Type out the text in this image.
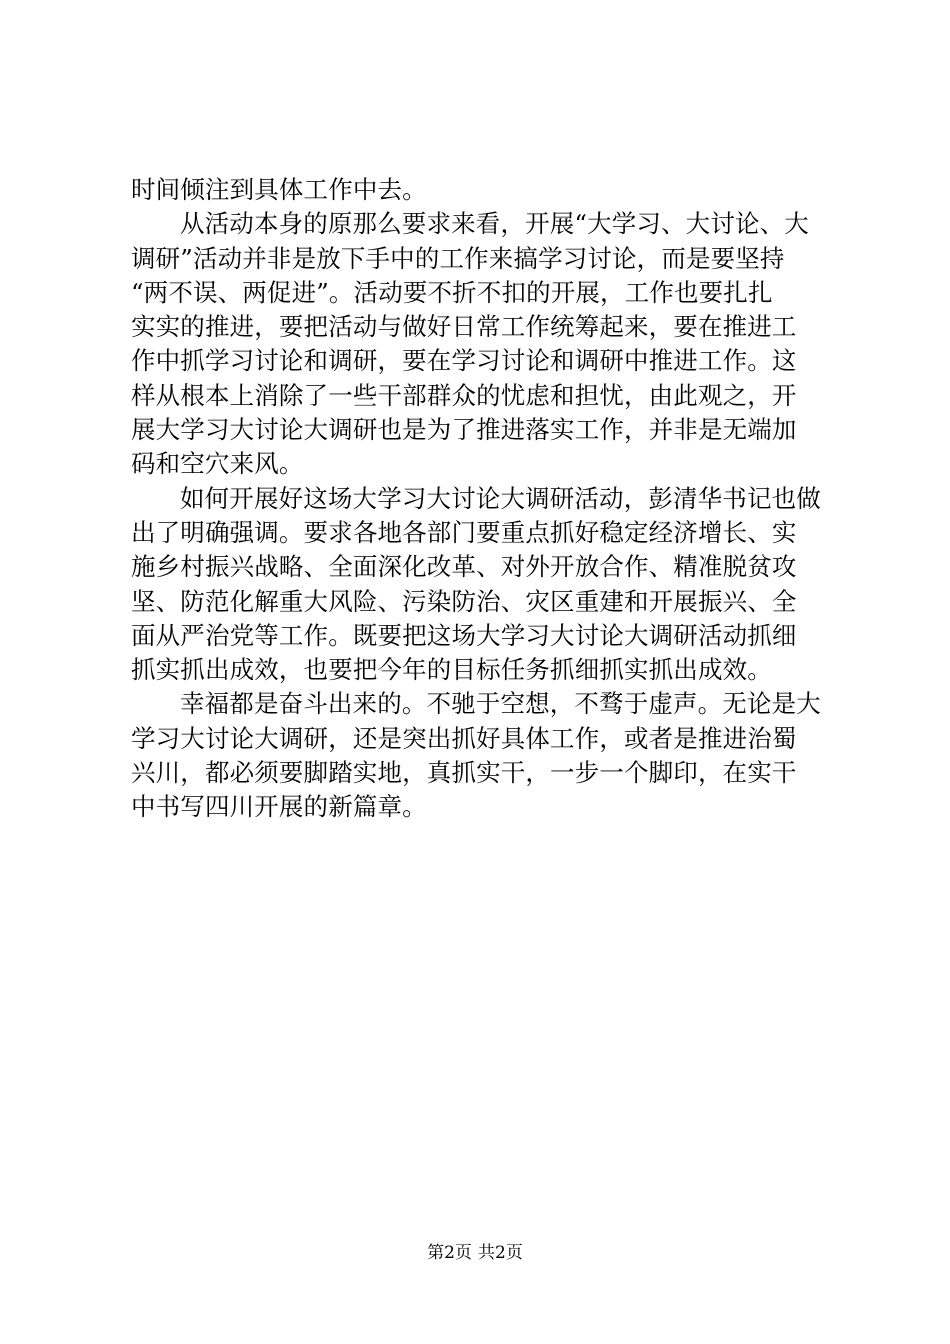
时间倾注到具体工作中去。
从活动本身的原那么要求来看，开展“大学习、大讨论、大
调研”活动并非是放下手中的工作来搞学习讨论，而是要坚持
“两不误、两促进”。活动要不折不扣的开展，工作也要扎扎
实实的推进，要把活动与做好日常工作统筹起来，要在推进工
作中抓学习讨论和调研，要在学习讨论和调研中推进工作。这
样从根本上消除了一些干部群众的忧虑和担忧，由此观之，开
展大学习大讨论大调研也是为了推进落实工作，并非是无端加
码和空穴来风。
如何开展好这场大学习大讨论大调研活动，彭清华书记也做
出了明确强调。要求各地各部门要重点抓好稳定经济增长、实
施乡村振兴战略、全面深化改革、对外开放合作、精准脱贫攻
坚、防范化解重大风险、污染防治、灾区重建和开展振兴、全
面从严治党等工作。既要把这场大学习大讨论大调研活动抓细
抓实抓出成效，也要把今年的目标任务抓细抓实抓出成效。
幸福都是奋斗出来的。不驰于空想，不骛于虚声。无论是大
学习大讨论大调研，还是突出抓好具体工作，或者是推进治蜀
兴川，都必须要脚踏实地，真抓实干，一步一个脚印，在实干
中书写四川开展的新篇章。
第2页 共2页
